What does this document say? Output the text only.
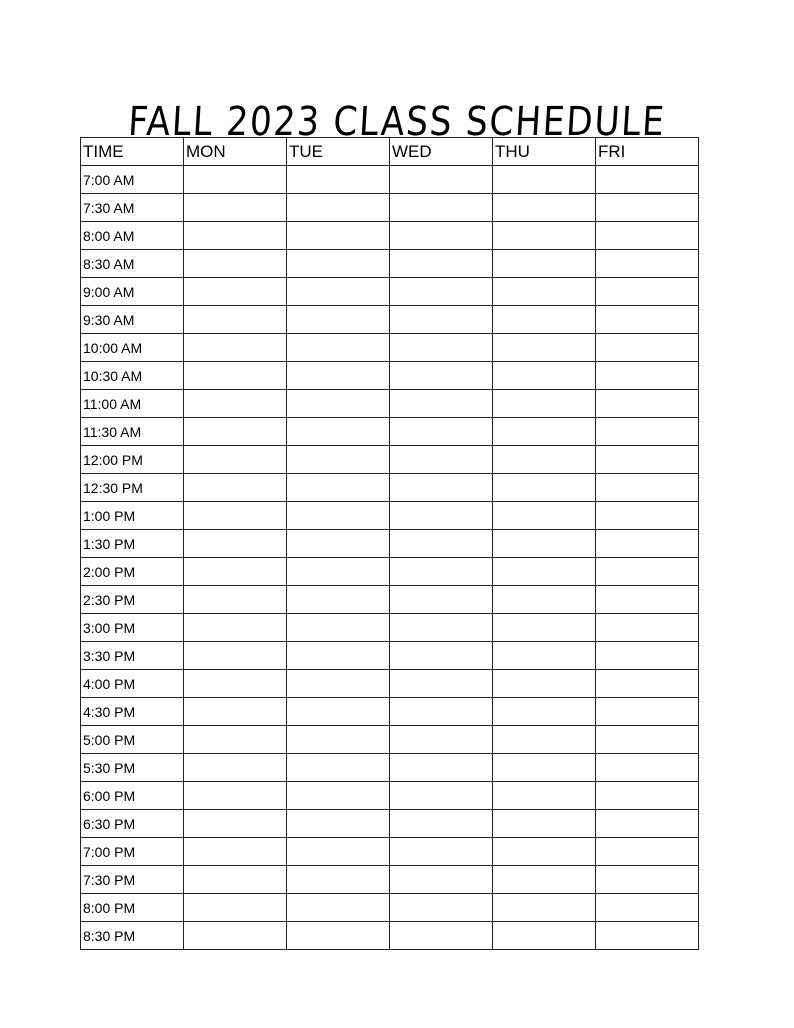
FALL 2023 CLASS SCHEDULE
TIME	MON	TUE	WED	THU	FRI
7:00 AM					
7:30 AM					
8:00 AM					
8:30 AM					
9:00 AM					
9:30 AM					
10:00 AM					
10:30 AM					
11:00 AM					
11:30 AM					
12:00 PM					
12:30 PM					
1:00 PM					
1:30 PM					
2:00 PM					
2:30 PM					
3:00 PM					
3:30 PM					
4:00 PM					
4:30 PM					
5:00 PM					
5:30 PM					
6:00 PM					
6:30 PM					
7:00 PM					
7:30 PM					
8:00 PM					
8:30 PM					
